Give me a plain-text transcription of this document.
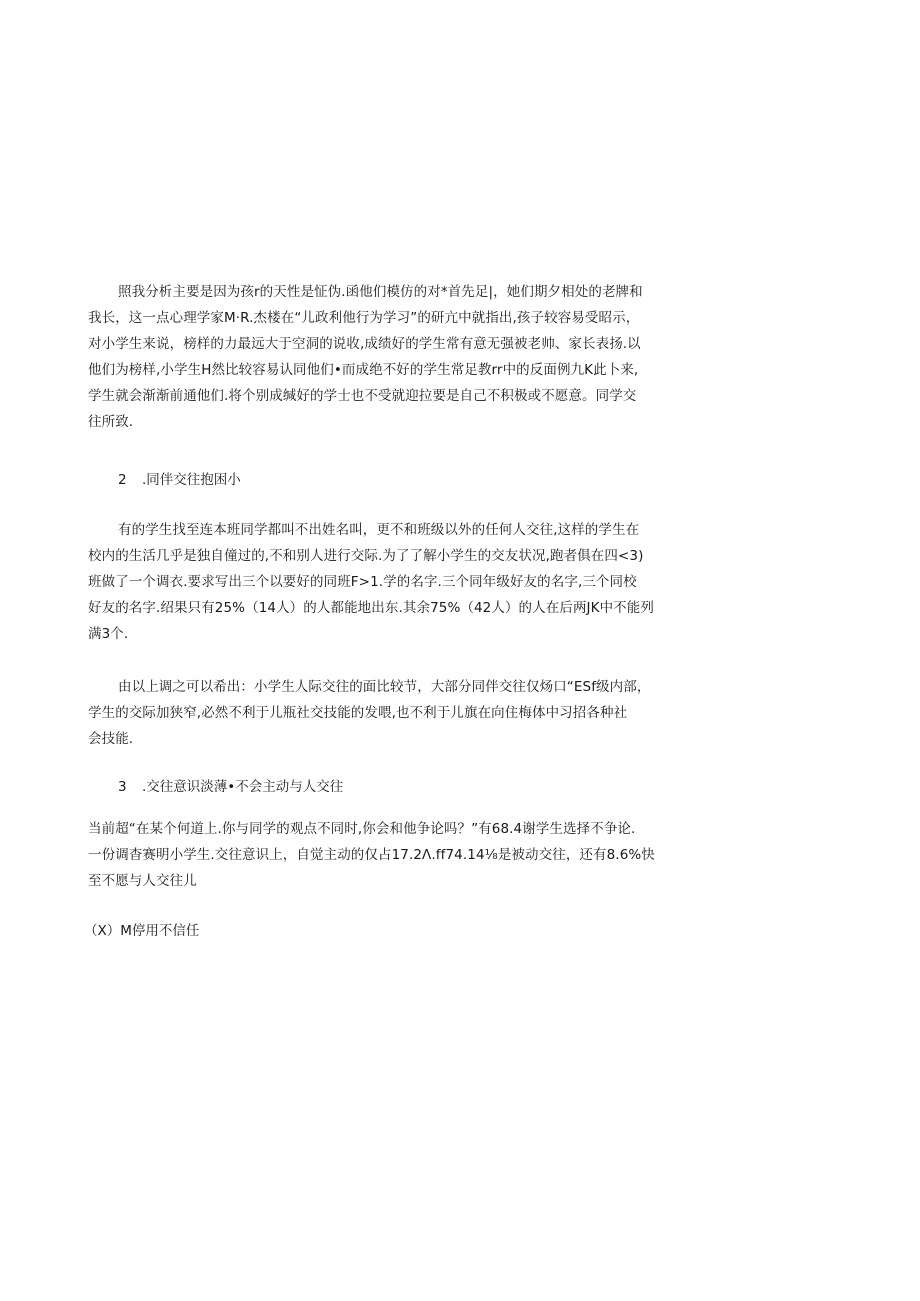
照我分析主要是因为孩r的天性是怔伪.函他们模仿的对*首先足|，她们期夕相处的老牌和
我长，这一点心理学家M·R.杰楼在“儿政利他行为学习”的研亢中就指出,孩子较容易受昭示，
对小学生来说，榜样的力最远大于空洞的说收,成绩好的学生常有意无强被老帅、家长表扬.以
他们为榜样,小学生H然比较容易认同他们•而成绝不好的学生常足教rr中的反面例九K此卜来,
学生就会渐渐前通他们.将个别成缄好的学士也不受就迎拉要是自己不积极或不愿意。同学交
往所致.
2 .同伴交往抱困小
有的学生找至连本班同学都叫不出姓名叫，更不和班级以外的任何人交往,这样的学生在
校内的生活几乎是独自僮过的,不和别人进行交际.为了了解小学生的交友状况,跑者俱在四<3)
班做了一个调衣.要求写出三个以要好的同班F>1.学的名字.三个同年级好友的名字,三个同校
好友的名字.绍果只有25%（14人）的人都能地出东.其余75%（42人）的人在后两JK中不能列
满3个.
由以上调之可以希出：小学生人际交往的面比较节，大部分同伴交往仅炀口“ESf级内部，
学生的交际加狭窄,必然不利于儿瓶社交技能的发喂,也不利于儿旗在向住梅体中习招各种社
会技能.
3 .交往意识淡薄•不会主动与人交往
当前超“在某个何道上.你与同学的观点不同时,你会和他争论吗？”有68.4谢学生选择不争论.
一份调杳赛明小学生.交往意识上，自觉主动的仅占17.2Λ.ff74.14⅛是被动交往，还有8.6%快
至不愿与人交往儿
（X）M停用不信任
